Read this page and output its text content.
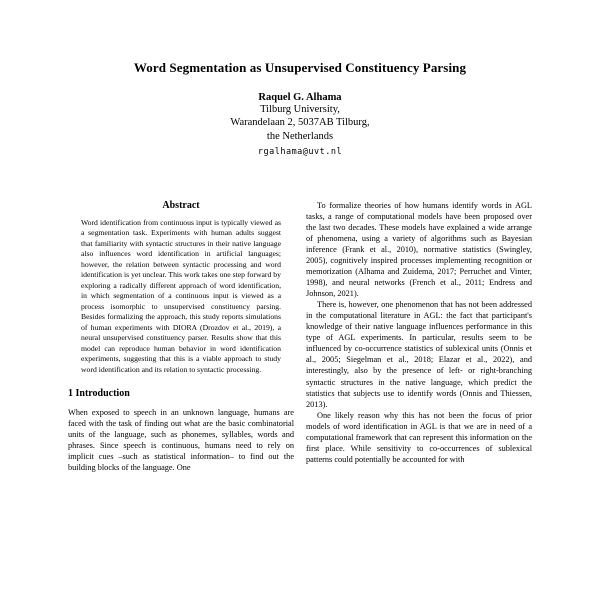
Word Segmentation as Unsupervised Constituency Parsing
Raquel G. Alhama
Tilburg University,
Warandelaan 2, 5037AB Tilburg,
the Netherlands
rgalhama@uvt.nl
Abstract
Word identification from continuous input is typically viewed as a segmentation task. Experiments with human adults suggest that familiarity with syntactic structures in their native language also influences word identification in artificial languages; however, the relation between syntactic processing and word identification is yet unclear. This work takes one step forward by exploring a radically different approach of word identification, in which segmentation of a continuous input is viewed as a process isomorphic to unsupervised constituency parsing. Besides formalizing the approach, this study reports simulations of human experiments with DIORA (Drozdov et al., 2019), a neural unsupervised constituency parser. Results show that this model can reproduce human behavior in word identification experiments, suggesting that this is a viable approach to study word identification and its relation to syntactic processing.
1 Introduction
When exposed to speech in an unknown language, humans are faced with the task of finding out what are the basic combinatorial units of the language, such as phonemes, syllables, words and phrases. Since speech is continuous, humans need to rely on implicit cues –such as statistical information– to find out the building blocks of the language. One
To formalize theories of how humans identify words in AGL tasks, a range of computational models have been proposed over the last two decades. These models have explained a wide arrange of phenomena, using a variety of algorithms such as Bayesian inference (Frank et al., 2010), normative statistics (Swingley, 2005), cognitively inspired processes implementing recognition or memorization (Alhama and Zuidema, 2017; Perruchet and Vinter, 1998), and neural networks (French et al., 2011; Endress and Johnson, 2021).
There is, however, one phenomenon that has not been addressed in the computational literature in AGL: the fact that participant's knowledge of their native language influences performance in this type of AGL experiments. In particular, results seem to be influenced by co-occurrence statistics of sublexical units (Onnis et al., 2005; Siegelman et al., 2018; Elazar et al., 2022), and interestingly, also by the presence of left- or right-branching syntactic structures in the native language, which predict the statistics that subjects use to identify words (Onnis and Thiessen, 2013).
One likely reason why this has not been the focus of prior models of word identification in AGL is that we are in need of a computational framework that can represent this information on the first place. While sensitivity to co-occurrences of sublexical patterns could potentially be accounted for with
